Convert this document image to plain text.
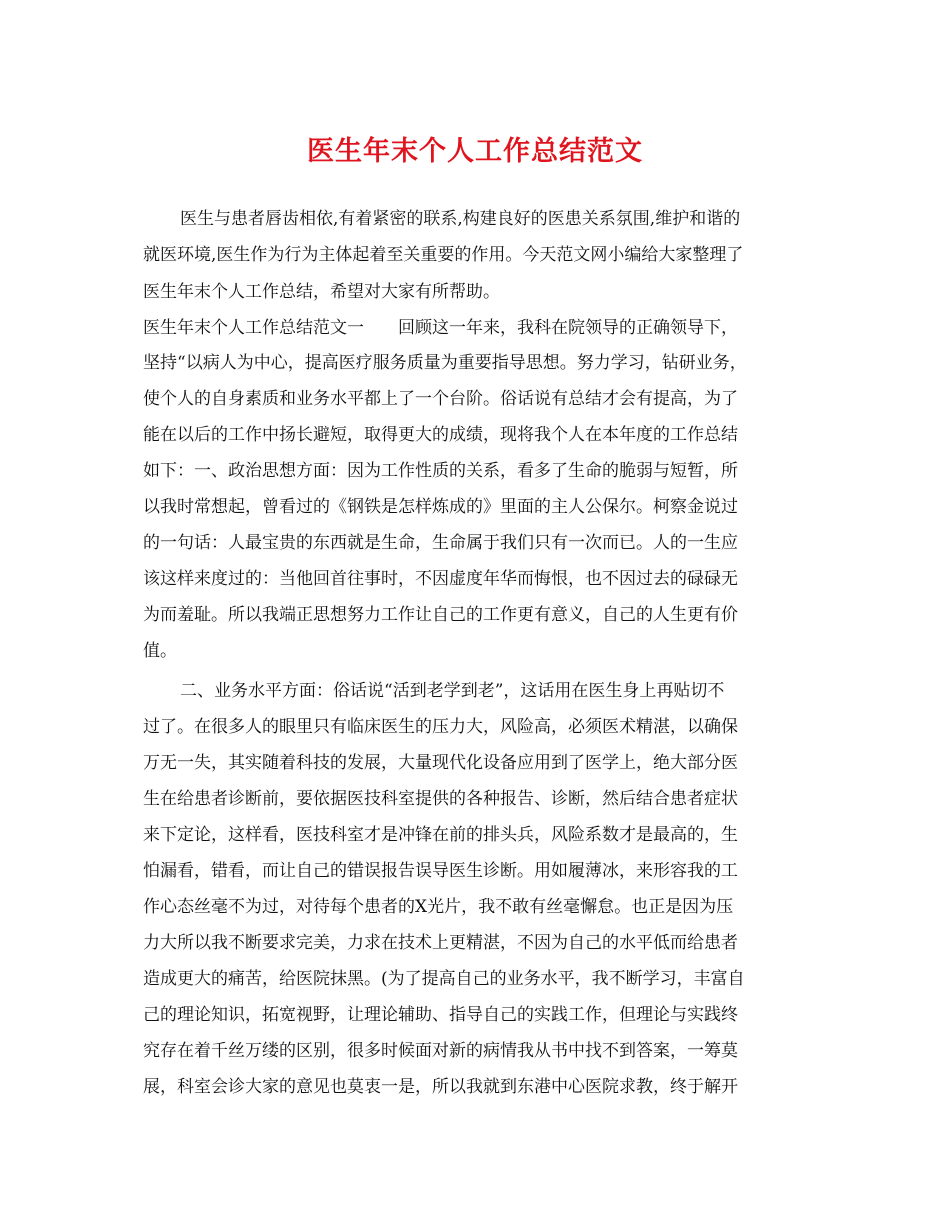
医生年末个人工作总结范文
医生与患者唇齿相依,有着紧密的联系,构建良好的医患关系氛围,维护和谐的
就医环境,医生作为行为主体起着至关重要的作用。今天范文网小编给大家整理了
医生年末个人工作总结，希望对大家有所帮助。
医生年末个人工作总结范文一　　回顾这一年来，我科在院领导的正确领导下，
坚持“以病人为中心，提高医疗服务质量为重要指导思想。努力学习，钻研业务，
使个人的自身素质和业务水平都上了一个台阶。俗话说有总结才会有提高，为了
能在以后的工作中扬长避短，取得更大的成绩，现将我个人在本年度的工作总结
如下：一、政治思想方面：因为工作性质的关系，看多了生命的脆弱与短暂，所
以我时常想起，曾看过的《钢铁是怎样炼成的》里面的主人公保尔。柯察金说过
的一句话：人最宝贵的东西就是生命，生命属于我们只有一次而已。人的一生应
该这样来度过的：当他回首往事时，不因虚度年华而悔恨，也不因过去的碌碌无
为而羞耻。所以我端正思想努力工作让自己的工作更有意义，自己的人生更有价
值。
二、业务水平方面：俗话说“活到老学到老”，这话用在医生身上再贴切不
过了。在很多人的眼里只有临床医生的压力大，风险高，必须医术精湛，以确保
万无一失，其实随着科技的发展，大量现代化设备应用到了医学上，绝大部分医
生在给患者诊断前，要依据医技科室提供的各种报告、诊断，然后结合患者症状
来下定论，这样看，医技科室才是冲锋在前的排头兵，风险系数才是最高的，生
怕漏看，错看，而让自己的错误报告误导医生诊断。用如履薄冰，来形容我的工
作心态丝毫不为过，对待每个患者的X光片，我不敢有丝毫懈怠。也正是因为压
力大所以我不断要求完美，力求在技术上更精湛，不因为自己的水平低而给患者
造成更大的痛苦，给医院抹黑。(为了提高自己的业务水平，我不断学习，丰富自
己的理论知识，拓宽视野，让理论辅助、指导自己的实践工作，但理论与实践终
究存在着千丝万缕的区别，很多时候面对新的病情我从书中找不到答案，一筹莫
展，科室会诊大家的意见也莫衷一是，所以我就到东港中心医院求教，终于解开
